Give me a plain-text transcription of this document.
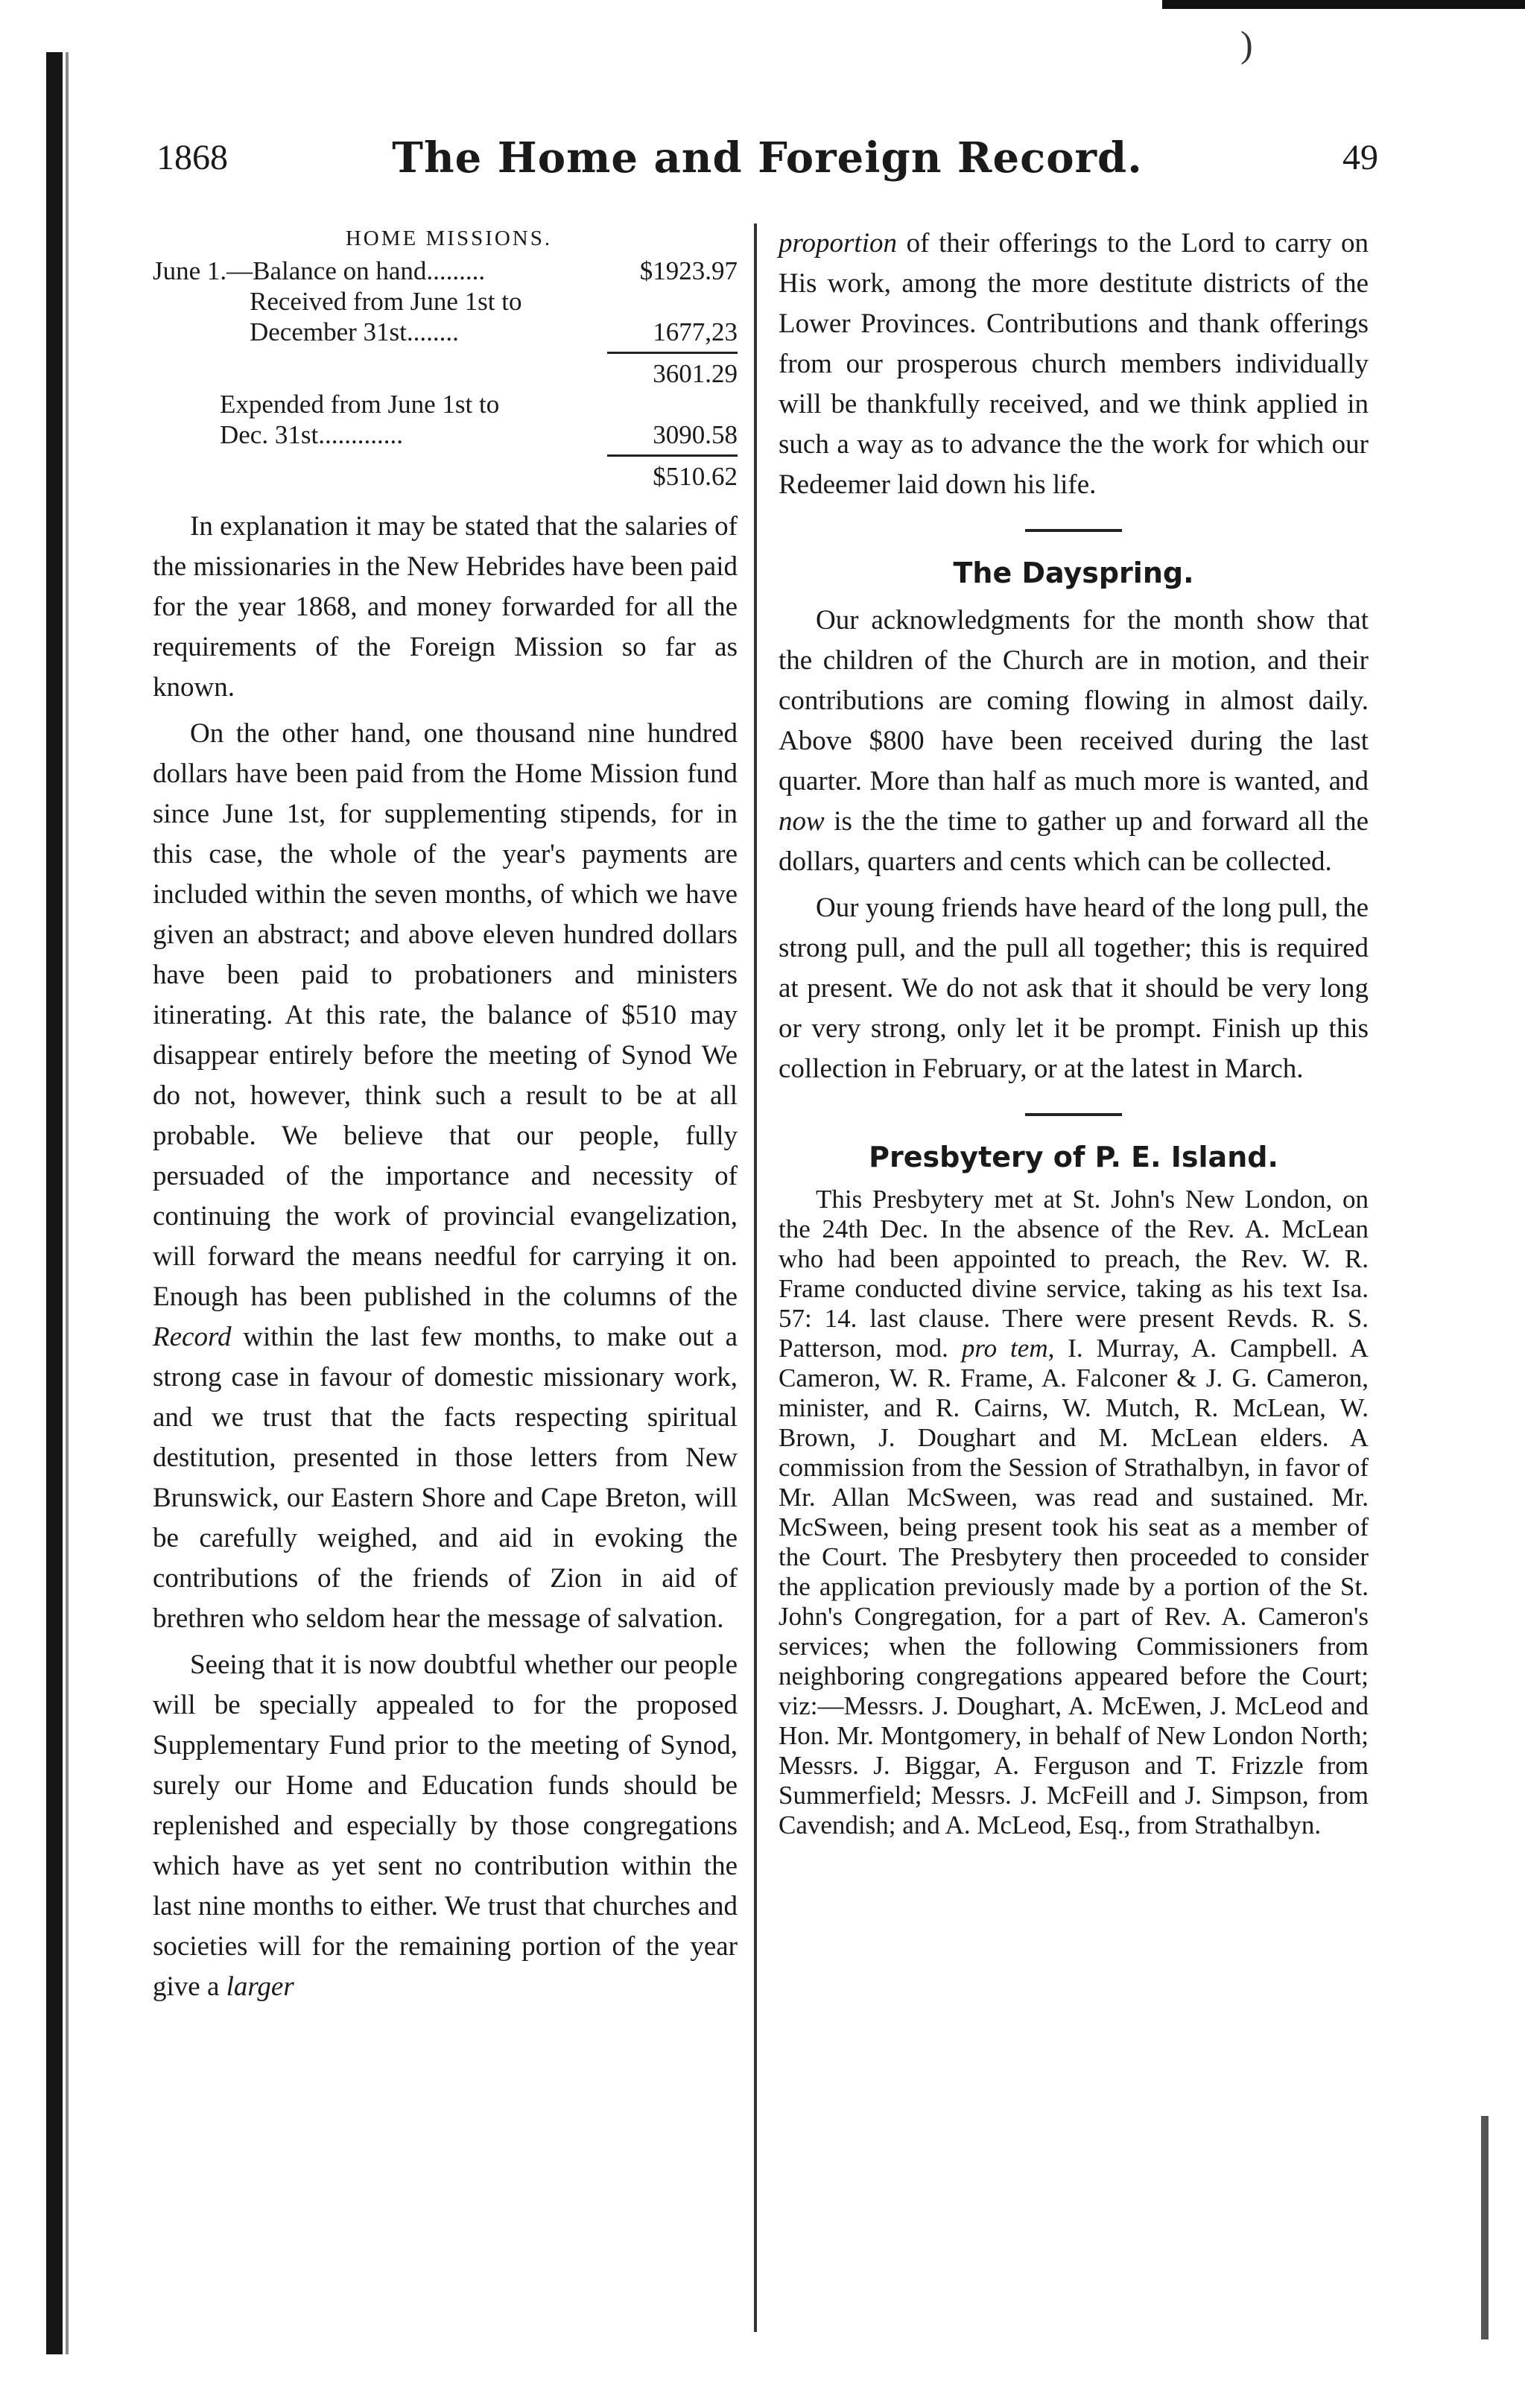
)
1868	The Home and Foreign Record.	49
HOME MISSIONS.
June 1.—Balance on hand.........	$1923.97
Received from June 1st to
December 31st........	1677,23
3601.29
Expended from June 1st to
Dec. 31st.............	3090.58
$510.62

In explanation it may be stated that the salaries of the missionaries in the New Hebrides have been paid for the year 1868, and money forwarded for all the requirements of the Foreign Mission so far as known.

On the other hand, one thousand nine hundred dollars have been paid from the Home Mission fund since June 1st, for supplementing stipends, for in this case, the whole of the year's payments are included within the seven months, of which we have given an abstract; and above eleven hundred dollars have been paid to probationers and ministers itinerating. At this rate, the balance of $510 may disappear entirely before the meeting of Synod We do not, however, think such a result to be at all probable. We believe that our people, fully persuaded of the importance and necessity of continuing the work of provincial evangelization, will forward the means needful for carrying it on. Enough has been published in the columns of the Record within the last few months, to make out a strong case in favour of domestic missionary work, and we trust that the facts respecting spiritual destitution, presented in those letters from New Brunswick, our Eastern Shore and Cape Breton, will be carefully weighed, and aid in evoking the contributions of the friends of Zion in aid of brethren who seldom hear the message of salvation.

Seeing that it is now doubtful whether our people will be specially appealed to for the proposed Supplementary Fund prior to the meeting of Synod, surely our Home and Education funds should be replenished and especially by those congregations which have as yet sent no contribution within the last nine months to either. We trust that churches and societies will for the remaining portion of the year give a larger

proportion of their offerings to the Lord to carry on His work, among the more destitute districts of the Lower Provinces. Contributions and thank offerings from our prosperous church members individually will be thankfully received, and we think applied in such a way as to advance the the work for which our Redeemer laid down his life.

The Dayspring.

Our acknowledgments for the month show that the children of the Church are in motion, and their contributions are coming flowing in almost daily. Above $800 have been received during the last quarter. More than half as much more is wanted, and now is the the time to gather up and forward all the dollars, quarters and cents which can be collected.

Our young friends have heard of the long pull, the strong pull, and the pull all together; this is required at present. We do not ask that it should be very long or very strong, only let it be prompt. Finish up this collection in February, or at the latest in March.

Presbytery of P. E. Island.

This Presbytery met at St. John's New London, on the 24th Dec. In the absence of the Rev. A. McLean who had been appointed to preach, the Rev. W. R. Frame conducted divine service, taking as his text Isa. 57: 14. last clause. There were present Revds. R. S. Patterson, mod. pro tem, I. Murray, A. Campbell. A Cameron, W. R. Frame, A. Falconer & J. G. Cameron, minister, and R. Cairns, W. Mutch, R. McLean, W. Brown, J. Doughart and M. McLean elders. A commission from the Session of Strathalbyn, in favor of Mr. Allan McSween, was read and sustained. Mr. McSween, being present took his seat as a member of the Court. The Presbytery then proceeded to consider the application previously made by a portion of the St. John's Congregation, for a part of Rev. A. Cameron's services; when the following Commissioners from neighboring congregations appeared before the Court; viz:—Messrs. J. Doughart, A. McEwen, J. McLeod and Hon. Mr. Montgomery, in behalf of New London North; Messrs. J. Biggar, A. Ferguson and T. Frizzle from Summerfield; Messrs. J. McFeill and J. Simpson, from Cavendish; and A. McLeod, Esq., from Strathalbyn.
